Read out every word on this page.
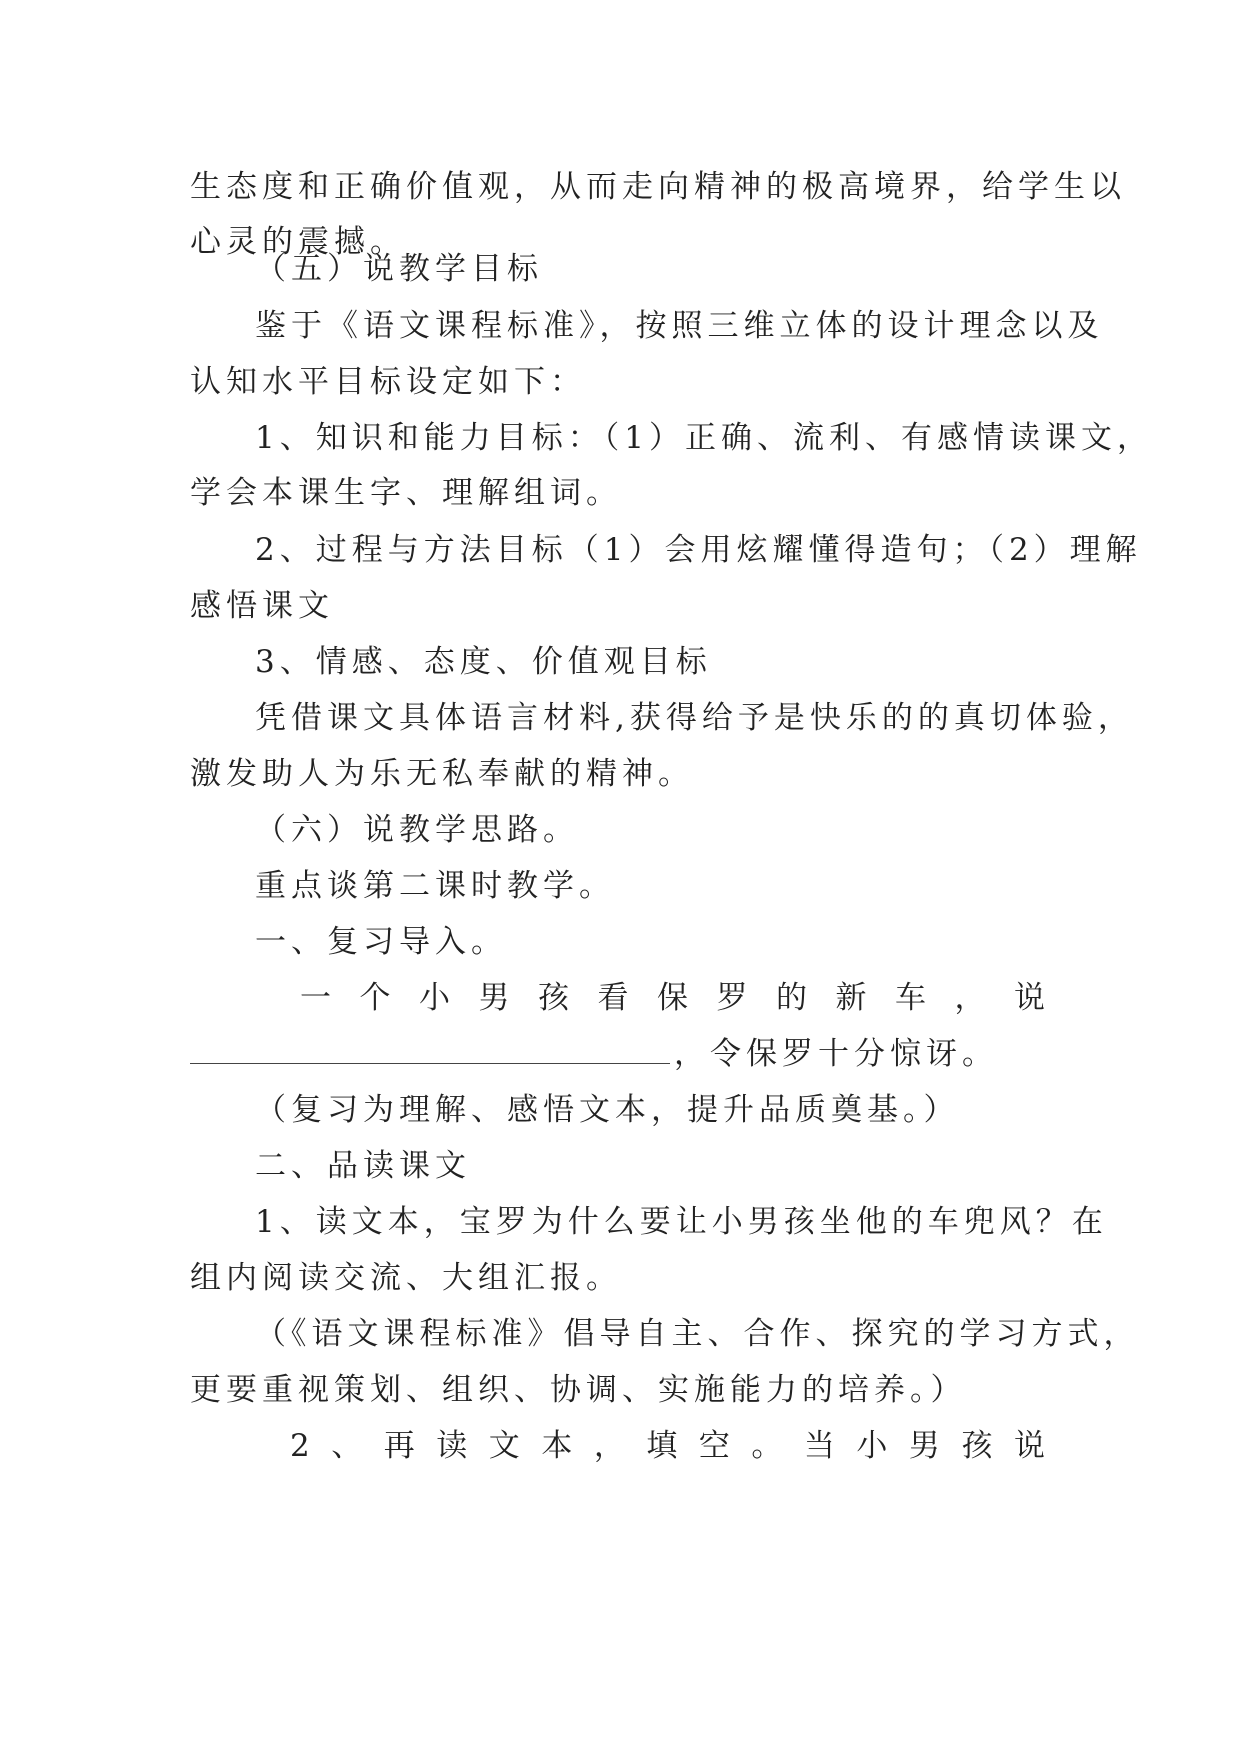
生态度和正确价值观，从而走向精神的极高境界，给学生以
心灵的震撼。
（五）说教学目标
鉴于《语文课程标准》，按照三维立体的设计理念以及
认知水平目标设定如下：
1、知识和能力目标：（1）正确、流利、有感情读课文，
学会本课生字、理解组词。
2、过程与方法目标（1）会用炫耀懂得造句；（2）理解
感悟课文
3、情感、态度、价值观目标
凭借课文具体语言材料,获得给予是快乐的的真切体验，
激发助人为乐无私奉献的精神。
（六）说教学思路。
重点谈第二课时教学。
一、复习导入。
一 个 小 男 孩 看 保 罗 的 新 车 ， 说
，令保罗十分惊讶。
（复习为理解、感悟文本，提升品质奠基。）
二、品读课文
1、读文本，宝罗为什么要让小男孩坐他的车兜风？在
组内阅读交流、大组汇报。
（《语文课程标准》倡导自主、合作、探究的学习方式，
更要重视策划、组织、协调、实施能力的培养。）
2 、 再 读 文 本 ， 填 空 。 当 小 男 孩 说
